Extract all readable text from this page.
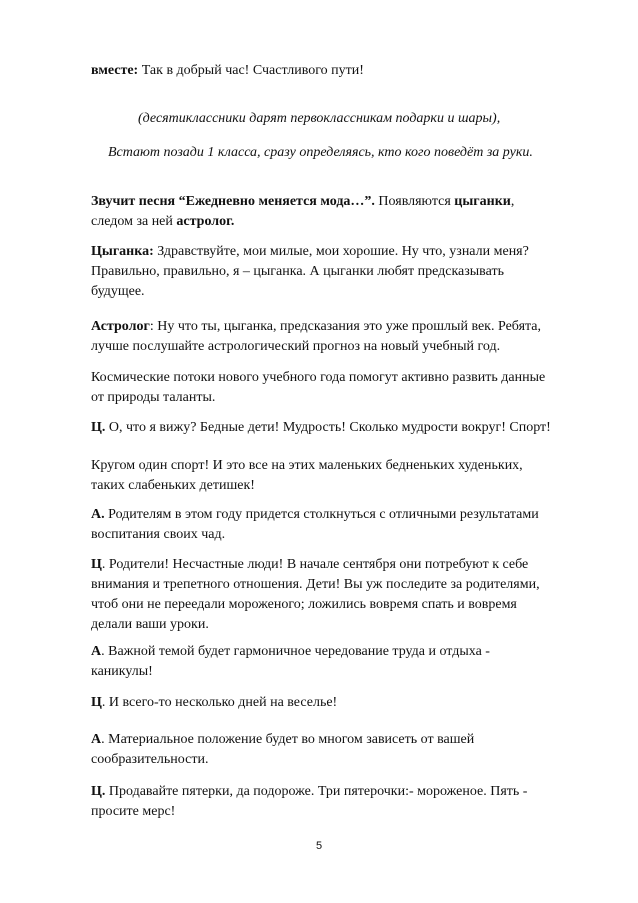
вместе: Так в добрый час! Счастливого пути!

(десятиклассники дарят первоклассникам подарки и шары),

Встают позади 1 класса, сразу определяясь, кто кого поведёт за руки.

Звучит песня “Ежедневно меняется мода…”. Появляются цыганки,
следом за ней астролог.

Цыганка: Здравствуйте, мои милые, мои хорошие. Ну что, узнали меня?
Правильно, правильно, я – цыганка. А цыганки любят предсказывать
будущее.

Астролог: Ну что ты, цыганка, предсказания это уже прошлый век. Ребята,
лучше послушайте астрологический прогноз на новый учебный год.

Космические потоки нового учебного года помогут активно развить данные
от природы таланты.

Ц. О, что я вижу? Бедные дети! Мудрость! Сколько мудрости вокруг! Спорт!

Кругом один спорт! И это все на этих маленьких бедненьких худеньких,
таких слабеньких детишек!

А. Родителям в этом году придется столкнуться с отличными результатами
воспитания своих чад.

Ц. Родители! Несчастные люди! В начале сентября они потребуют к себе
внимания и трепетного отношения. Дети! Вы уж последите за родителями,
чтоб они не переедали мороженого; ложились вовремя спать и вовремя
делали ваши уроки.

А. Важной темой будет гармоничное чередование труда и отдыха -
каникулы!

Ц. И всего-то несколько дней на веселье!

А. Материальное положение будет во многом зависеть от вашей
сообразительности.

Ц. Продавайте пятерки, да подороже. Три пятерочки:- мороженое. Пять -
просите мерс!

5
